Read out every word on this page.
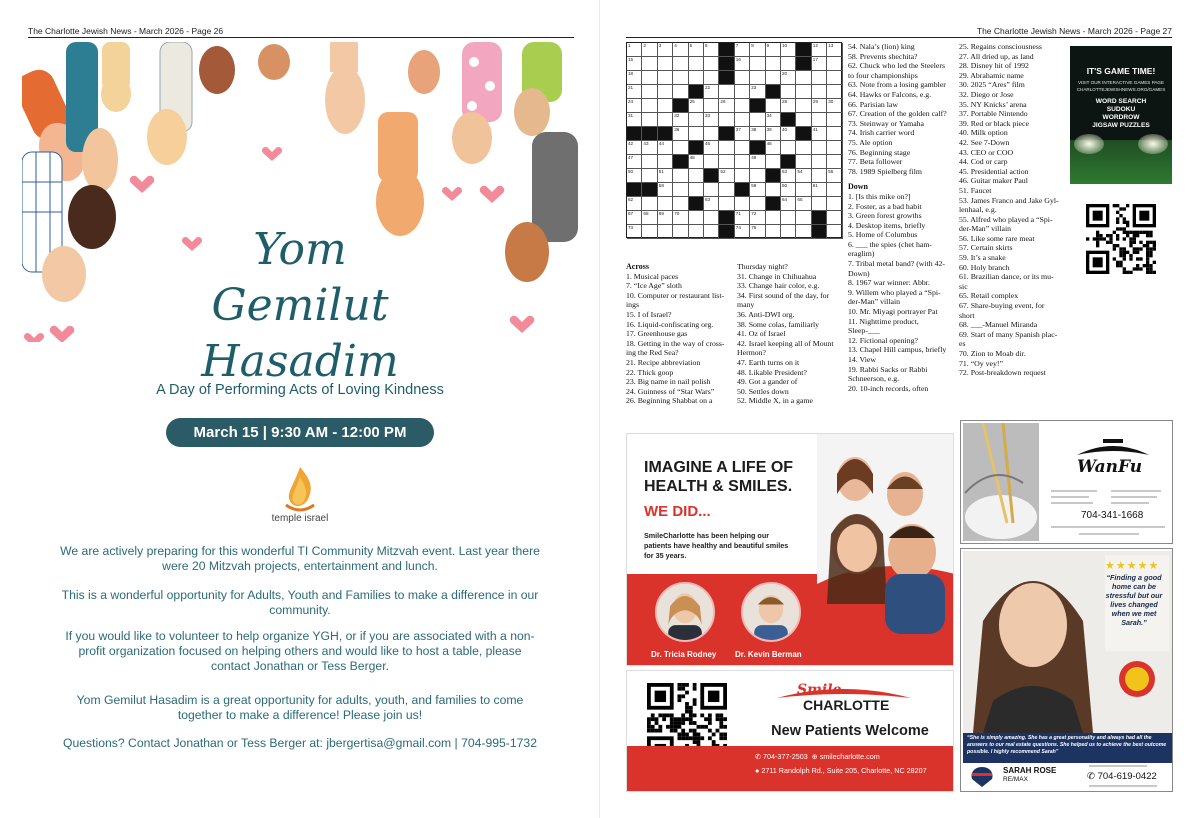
The Charlotte Jewish News - March 2026 - Page 26
Yom Gemilut
Hasadim
A Day of Performing Acts of Loving Kindness
March 15 | 9:30 AM - 12:00 PM
temple israel
We are actively preparing for this wonderful TI Community Mitzvah event. Last year there were 20 Mitzvah projects, entertainment and lunch.
This is a wonderful opportunity for Adults, Youth and Families to make a difference in our community.
If you would like to volunteer to help organize YGH, or if you are associated with a non-profit organization focused on helping others and would like to host a table, please contact Jonathan or Tess Berger.
Yom Gemilut Hasadim is a great opportunity for adults, youth, and families to come together to make a difference! Please join us!
Questions? Contact Jonathan or Tess Berger at: jbergertisa@gmail.com | 704-995-1732
The Charlotte Jewish News - March 2026 - Page 27
1	2	3	4	5	6	7	8	9	10	12 13
15	16	17
18	20
21	22	23
24	25	26	28	29 30
31	32	33	34
36	37 38 39 40	41
42 43 44	45	46
47	48	49
50	51	52	53 54	55
58	59	60	61
62	63	64 65
67 68 69 70	71 72
73	74 75
Across
1. Musical paces
7. “Ice Age” sloth
10. Computer or restaurant list-
ings
15. I of Israel?
16. Liquid-confiscating org.
17. Greenhouse gas
18. Getting in the way of cross-
ing the Red Sea?
21. Recipe abbreviation
22. Thick goop
23. Big name in nail polish
24. Guinness of “Star Wars”
26. Beginning Shabbat on a
Thursday night?
31. Change in Chihuahua
33. Change hair color, e.g.
34. First sound of the day, for
many
36. Anti-DWI org.
38. Some colas, familiarly
41. Oz of Israel
42. Israel keeping all of Mount
Hermon?
47. Earth turns on it
48. Likable President?
49. Got a gander of
50. Settles down
52. Middle X, in a game
54. Nala’s (lion) king
58. Prevents shechita?
62. Chuck who led the Steelers
to four championships
63. Note from a losing gambler
64. Hawks or Falcons, e.g.
66. Parisian law
67. Creation of the golden calf?
73. Steinway or Yamaha
74. Irish carrier word
75. Ale option
76. Beginning stage
77. Beta follower
78. 1989 Spielberg film
Down
1. [Is this mike on?]
2. Foster, as a bad habit
3. Green forest growths
4. Desktop items, briefly
5. Home of Columbus
6. ___ the spies (chet ham-
eraglim)
7. Tribal metal band? (with 42-
Down)
8. 1967 war winner: Abbr.
9. Willem who played a “Spi-
der-Man” villain
10. Mr. Miyagi portrayer Pat
11. Nighttime product,
Sleep-___
12. Fictional opening?
13. Chapel Hill campus, briefly
14. View
19. Rabbi Sacks or Rabbi
Schneerson, e.g.
20. 10-inch records, often
25. Regains consciousness
27. All dried up, as land
28. Disney hit of 1992
29. Abrahamic name
30. 2025 “Ares” film
32. Diego or Jose
35. NY Knicks’ arena
37. Portable Nintendo
39. Red or black piece
40. Milk option
42. See 7-Down
43. CEO or COO
44. Cod or carp
45. Presidential action
46. Guitar maker Paul
51. Faucet
53. James Franco and Jake Gyl-
lenhaal, e.g.
55. Alfred who played a “Spi-
der-Man” villain
56. Like some rare meat
57. Certain skirts
59. It’s a snake
60. Holy branch
61. Brazilian dance, or its mu-
sic
65. Retail complex
67. Share-buying event, for
short
68. ___-Manuel Miranda
69. Start of many Spanish plac-
es
70. Zion to Moab dir.
71. “Oy vey!”
72. Post-breakdown request
IT'S GAME TIME!
VISIT OUR INTERACTIVE GAMES PAGE CHARLOTTEJEWISHNEWS.ORG/GAMES
WORD SEARCH
SUDOKU
WORDROW
JIGSAW PUZZLES
IMAGINE A LIFE OF
HEALTH & SMILES.
WE DID...
SmileCharlotte has been helping our
patients have healthy and beautiful smiles
for 35 years.
Dr. Tricia Rodney Dr. Kevin Berman
Smile
CHARLOTTE
New Patients Welcome
✆ 704-377-2503 ⊕ smilecharlotte.com
● 2711 Randolph Rd., Suite 205, Charlotte, NC 28207
WanFu
704-341-1668
★★★★★
“Finding a good home can be stressful but our lives changed when we met Sarah.”
“She is simply amazing. She has a great personality and always had all the answers to our real estate questions. She helped us to achieve the best outcome possible. I highly recommend Sarah”
SARAH ROSE
RE/MAX	✆ 704-619-0422
